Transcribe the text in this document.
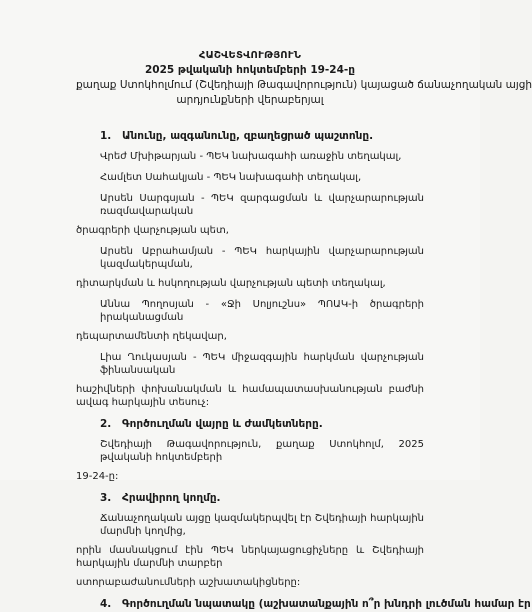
ՀԱՇՎԵՏՎՈՒԹՅՈՒՆ
2025 թվականի հոկտեմբերի 19-24-ը
քաղաք Ստոկհոլմում (Շվեդիայի Թագավորություն) կայացած ճանաչողական այցի
արդյունքների վերաբերյալ
1. Անունը, ազգանունը, զբաղեցրած պաշտոնը.
Վրեժ Մխիթարյան - ՊԵԿ նախագահի առաջին տեղակալ,
Համլետ Սահակյան - ՊԵԿ նախագահի տեղակալ,
Արսեն Սարգսյան - ՊԵԿ զարգացման և վարչարարության ռազմավարական
ծրագրերի վարչության պետ,
Արսեն Աբրահամյան - ՊԵԿ հարկային վարչարարության կազմակերպման,
դիտարկման և հսկողության վարչության պետի տեղակալ,
Աննա Պողոսյան - «Ջի Սոլյուշնս» ՊՈԱԿ-ի ծրագրերի իրականացման
դեպարտամենտի ղեկավար,
Լիա Ղուկասյան - ՊԵԿ միջազգային հարկման վարչության ֆինանսական
հաշիվների փոխանակման և համապատասխանության բաժնի ավագ հարկային տեսուչ:
2. Գործուղման վայրը և ժամկետները.
Շվեդիայի Թագավորություն, քաղաք Ստոկհոլմ, 2025 թվականի հոկտեմբերի
19-24-ը:
3. Հրավիրող կողմը.
Ճանաչողական այցը կազմակերպվել էր Շվեդիայի հարկային մարմնի կողմից,
որին մասնակցում էին ՊԵԿ ներկայացուցիչները և Շվեդիայի հարկային մարմնի տարբեր
ստորաբաժանումների աշխատակիցները:
4. Գործուղման նպատակը (աշխատանքային ո՞ր խնդրի լուծման համար էր
